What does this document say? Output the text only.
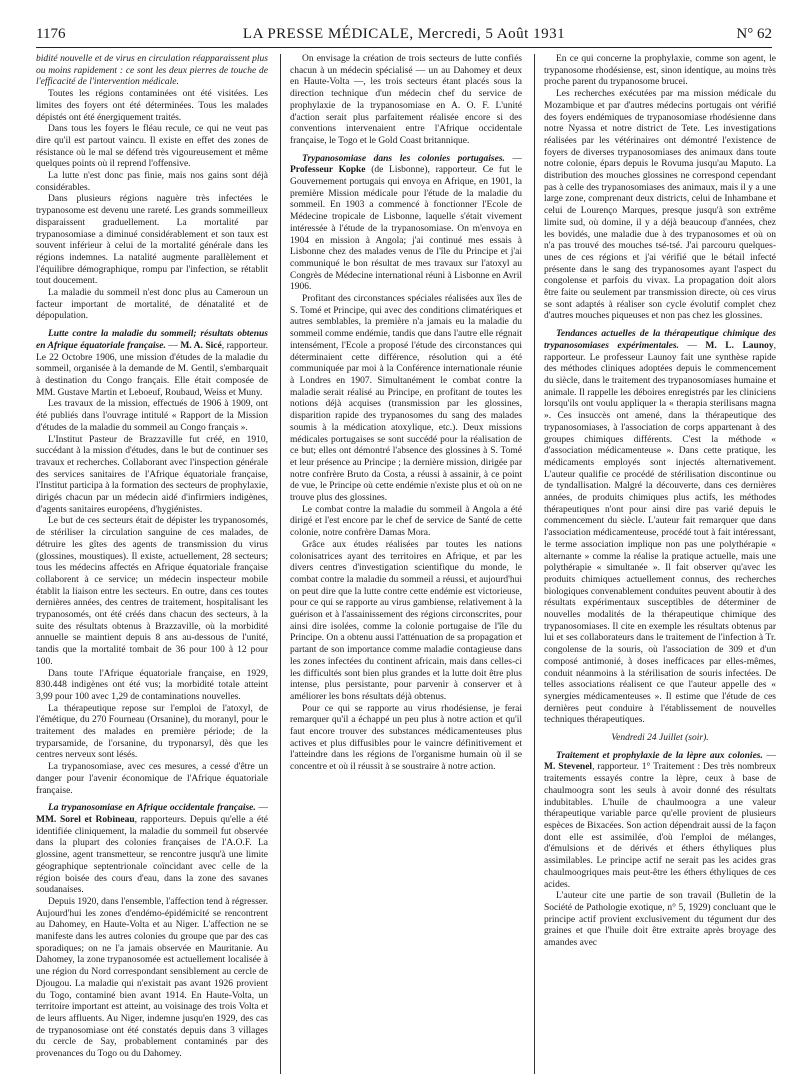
1176	LA PRESSE MÉDICALE, Mercredi, 5 Août 1931	N° 62

bidité nouvelle et de virus en circulation réapparaissent plus ou moins rapidement : ce sont les deux pierres de touche de l'efficacité de l'intervention médicale.

Toutes les régions contaminées ont été visitées. Les limites des foyers ont été déterminées. Tous les malades dépistés ont été énergiquement traités.

Dans tous les foyers le fléau recule, ce qui ne veut pas dire qu'il est partout vaincu. Il existe en effet des zones de résistance où le mal se défend très vigoureusement et même quelques points où il reprend l'offensive.

La lutte n'est donc pas finie, mais nos gains sont déjà considérables.

Dans plusieurs régions naguère très infectées le trypanosome est devenu une rareté. Les grands sommeilleux disparaissent graduellement. La mortalité par trypanosomiase a diminué considérablement et son taux est souvent inférieur à celui de la mortalité générale dans les régions indemnes. La natalité augmente parallèlement et l'équilibre démographique, rompu par l'infection, se rétablit tout doucement.

La maladie du sommeil n'est donc plus au Cameroun un facteur important de mortalité, de dénatalité et de dépopulation.

Lutte contre la maladie du sommeil; résultats obtenus en Afrique équatoriale française. — M. A. Sicé, rapporteur. Le 22 Octobre 1906, une mission d'études de la maladie du sommeil, organisée à la demande de M. Gentil, s'embarquait à destination du Congo français. Elle était composée de MM. Gustave Martin et Leboeuf, Roubaud, Weiss et Muny.

Les travaux de la mission, effectués de 1906 à 1909, ont été publiés dans l'ouvrage intitulé « Rapport de la Mission d'études de la maladie du sommeil au Congo français ».

L'Institut Pasteur de Brazzaville fut créé, en 1910, succédant à la mission d'études, dans le but de continuer ses travaux et recherches. Collaborant avec l'inspection générale des services sanitaires de l'Afrique équatoriale française, l'Institut participa à la formation des secteurs de prophylaxie, dirigés chacun par un médecin aidé d'infirmiers indigènes, d'agents sanitaires européens, d'hygiénistes.

Le but de ces secteurs était de dépister les trypanosomés, de stériliser la circulation sanguine de ces malades, de détruire les gîtes des agents de transmission du virus (glossines, moustiques). Il existe, actuellement, 28 secteurs; tous les médecins affectés en Afrique équatoriale française collaborent à ce service; un médecin inspecteur mobile établit la liaison entre les secteurs. En outre, dans ces toutes dernières années, des centres de traitement, hospitalisant les trypanosomés, ont été créés dans chacun des secteurs, à la suite des résultats obtenus à Brazzaville, où la morbidité annuelle se maintient depuis 8 ans au-dessous de l'unité, tandis que la mortalité tombait de 36 pour 100 à 12 pour 100.

Dans toute l'Afrique équatoriale française, en 1929, 830.448 indigènes ont été vus; la morbidité totale atteint 3,99 pour 100 avec 1,29 de contaminations nouvelles.

La thérapeutique repose sur l'emploi de l'atoxyl, de l'émétique, du 270 Fourneau (Orsanine), du moranyl, pour le traitement des malades en première période; de la tryparsamide, de l'orsanine, du tryponarsyl, dès que les centres nerveux sont lésés.

La trypanosomiase, avec ces mesures, a cessé d'être un danger pour l'avenir économique de l'Afrique équatoriale française.

La trypanosomiase en Afrique occidentale française. — MM. Sorel et Robineau, rapporteurs. Depuis qu'elle a été identifiée cliniquement, la maladie du sommeil fut observée dans la plupart des colonies françaises de l'A.O.F. La glossine, agent transmetteur, se rencontre jusqu'à une limite géographique septentrionale coïncidant avec celle de la région boisée des cours d'eau, dans la zone des savanes soudanaises.

Depuis 1920, dans l'ensemble, l'affection tend à régresser. Aujourd'hui les zones d'endémo-épidémicité se rencontrent au Dahomey, en Haute-Volta et au Niger. L'affection ne se manifeste dans les autres colonies du groupe que par des cas sporadiques; on ne l'a jamais observée en Mauritanie. Au Dahomey, la zone trypanosomée est actuellement localisée à une région du Nord correspondant sensiblement au cercle de Djougou. La maladie qui n'existait pas avant 1926 provient du Togo, contaminé bien avant 1914. En Haute-Volta, un territoire important est atteint, au voisinage des trois Volta et de leurs affluents. Au Niger, indemne jusqu'en 1929, des cas de trypanosomiase ont été constatés depuis dans 3 villages du cercle de Say, probablement contaminés par des provenances du Togo ou du Dahomey.

On envisage la création de trois secteurs de lutte confiés chacun à un médecin spécialisé — un au Dahomey et deux en Haute-Volta —, les trois secteurs étant placés sous la direction technique d'un médecin chef du service de prophylaxie de la trypanosomiase en A. O. F. L'unité d'action serait plus parfaitement réalisée encore si des conventions intervenaient entre l'Afrique occidentale française, le Togo et le Gold Coast britannique.

Trypanosomiase dans les colonies portugaises. — Professeur Kopke (de Lisbonne), rapporteur. Ce fut le Gouvernement portugais qui envoya en Afrique, en 1901, la première Mission médicale pour l'étude de la maladie du sommeil. En 1903 a commencé à fonctionner l'Ecole de Médecine tropicale de Lisbonne, laquelle s'était vivement intéressée à l'étude de la trypanosomiase. On m'envoya en 1904 en mission à Angola; j'ai continué mes essais à Lisbonne chez des malades venus de l'île du Principe et j'ai communiqué le bon résultat de mes travaux sur l'atoxyl au Congrès de Médecine international réuni à Lisbonne en Avril 1906.

Profitant des circonstances spéciales réalisées aux îles de S. Tomé et Principe, qui avec des conditions climatériques et autres semblables, la première n'a jamais eu la maladie du sommeil comme endémie, tandis que dans l'autre elle régnait intensément, l'Ecole a proposé l'étude des circonstances qui déterminaient cette différence, résolution qui a été communiquée par moi à la Conférence internationale réunie à Londres en 1907. Simultanément le combat contre la maladie serait réalisé au Principe, en profitant de toutes les notions déjà acquises (transmission par les glossines, disparition rapide des trypanosomes du sang des malades soumis à la médication atoxylique, etc.). Deux missions médicales portugaises se sont succédé pour la réalisation de ce but; elles ont démontré l'absence des glossines à S. Tomé et leur présence au Principe ; la dernière mission, dirigée par notre confrère Bruto da Costa, a réussi à assainir, à ce point de vue, le Principe où cette endémie n'existe plus et où on ne trouve plus des glossines.

Le combat contre la maladie du sommeil à Angola a été dirigé et l'est encore par le chef de service de Santé de cette colonie, notre confrère Damas Mora.

Grâce aux études réalisées par toutes les nations colonisatrices ayant des territoires en Afrique, et par les divers centres d'investigation scientifique du monde, le combat contre la maladie du sommeil a réussi, et aujourd'hui on peut dire que la lutte contre cette endémie est victorieuse, pour ce qui se rapporte au virus gambiense, relativement à la guérison et à l'assainissement des régions circonscrites, pour ainsi dire isolées, comme la colonie portugaise de l'île du Principe. On a obtenu aussi l'atténuation de sa propagation et partant de son importance comme maladie contagieuse dans les zones infectées du continent africain, mais dans celles-ci les difficultés sont bien plus grandes et la lutte doit être plus intense, plus persistante, pour parvenir à conserver et à améliorer les bons résultats déjà obtenus.

Pour ce qui se rapporte au virus rhodésiense, je ferai remarquer qu'il a échappé un peu plus à notre action et qu'il faut encore trouver des substances médicamenteuses plus actives et plus diffusibles pour le vaincre définitivement et l'atteindre dans les régions de l'organisme humain où il se concentre et où il réussit à se soustraire à notre action.

En ce qui concerne la prophylaxie, comme son agent, le trypanosome rhodésiense, est, sinon identique, au moins très proche parent du trypanosome brucei.

Les recherches exécutées par ma mission médicale du Mozambique et par d'autres médecins portugais ont vérifié des foyers endémiques de trypanosomiase rhodésienne dans notre Nyassa et notre district de Tete. Les investigations réalisées par les vétérinaires ont démontré l'existence de foyers de diverses trypanosomiases des animaux dans toute notre colonie, épars depuis le Rovuma jusqu'au Maputo. La distribution des mouches glossines ne correspond cependant pas à celle des trypanosomiases des animaux, mais il y a une large zone, comprenant deux districts, celui de Inhambane et celui de Lourenço Marques, presque jusqu'à son extrême limite sud, où domine, il y a déjà beaucoup d'années, chez les bovidés, une maladie due à des trypanosomes et où on n'a pas trouvé des mouches tsé-tsé. J'ai parcouru quelques-unes de ces régions et j'ai vérifié que le bétail infecté présente dans le sang des trypanosomes ayant l'aspect du congolense et parfois du vivax. La propagation doit alors être faite ou seulement par transmission directe, où ces virus se sont adaptés à réaliser son cycle évolutif complet chez d'autres mouches piqueuses et non pas chez les glossines.

Tendances actuelles de la thérapeutique chimique des trypanosomiases expérimentales. — M. L. Launoy, rapporteur. Le professeur Launoy fait une synthèse rapide des méthodes cliniques adoptées depuis le commencement du siècle, dans le traitement des trypanosomiases humaine et animale. Il rappelle les déboires enregistrés par les cliniciens lorsqu'ils ont voulu appliquer la « therapia sterilisans magna ». Ces insuccès ont amené, dans la thérapeutique des trypanosomiases, à l'association de corps appartenant à des groupes chimiques différents. C'est la méthode « d'association médicamenteuse ». Dans cette pratique, les médicaments employés sont injectés alternativement. L'auteur qualifie ce procédé de stérilisation discontinue ou de tyndallisation. Malgré la découverte, dans ces dernières années, de produits chimiques plus actifs, les méthodes thérapeutiques n'ont pour ainsi dire pas varié depuis le commencement du siècle. L'auteur fait remarquer que dans l'association médicamenteuse, procédé tout à fait intéressant, le terme association implique non pas une polythérapie « alternante » comme la réalise la pratique actuelle, mais une polythérapie « simultanée ». Il fait observer qu'avec les produits chimiques actuellement connus, des recherches biologiques convenablement conduites peuvent aboutir à des résultats expérimentaux susceptibles de déterminer de nouvelles modalités de la thérapeutique chimique des trypanosomiases. Il cite en exemple les résultats obtenus par lui et ses collaborateurs dans le traitement de l'infection à Tr. congolense de la souris, où l'association de 309 et d'un composé antimonié, à doses inefficaces par elles-mêmes, conduit néanmoins à la stérilisation de souris infectées. De telles associations réalisent ce que l'auteur appelle des « synergies médicamenteuses ». Il estime que l'étude de ces dernières peut conduire à l'établissement de nouvelles techniques thérapeutiques.

Vendredi 24 Juillet (soir).

Traitement et prophylaxie de la lèpre aux colonies. — M. Stevenel, rapporteur. 1° Traitement : Des très nombreux traitements essayés contre la lèpre, ceux à base de chaulmoogra sont les seuls à avoir donné des résultats indubitables. L'huile de chaulmoogra a une valeur thérapeutique variable parce qu'elle provient de plusieurs espèces de Bixacées. Son action dépendrait aussi de la façon dont elle est assimilée, d'où l'emploi de mélanges, d'émulsions et de dérivés et éthers éthyliques plus assimilables. Le principe actif ne serait pas les acides gras chaulmoogriques mais peut-être les éthers éthyliques de ces acides.

L'auteur cite une partie de son travail (Bulletin de la Société de Pathologie exotique, n° 5, 1929) concluant que le principe actif provient exclusivement du tégument dur des graines et que l'huile doit être extraite après broyage des amandes avec
